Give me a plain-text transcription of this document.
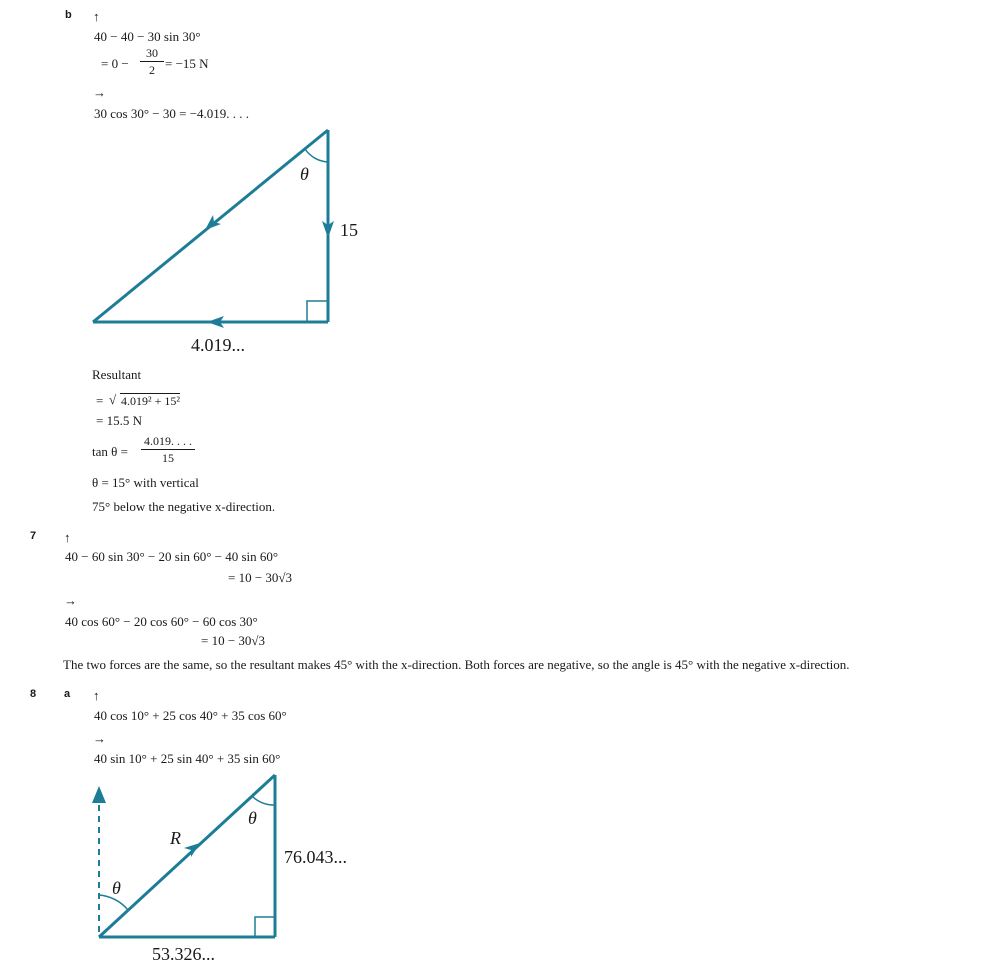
b ↑
40 − 40 − 30 sin 30°
= $0 - \frac{30}{2} = -15$ N
→
30 cos 30° − 30 = −4.019. . . .
θ
15
4.019...
Resultant
= √ 4.019² + 15²
= 15.5 N
$\tan \theta = \frac{4.019. . . .}{15}$
θ = 15° with vertical
75° below the negative x-direction.
7 ↑
40 − 60 sin 30° − 20 sin 60° − 40 sin 60°
= 10 − 30√3
→
40 cos 60° − 20 cos 60° − 60 cos 30°
= 10 − 30√3
The two forces are the same, so the resultant makes 45° with the x-direction. Both forces are negative, so the angle is 45° with the negative x-direction.
8	a ↑
40 cos 10° + 25 cos 40° + 35 cos 60°
→
40 sin 10° + 25 sin 40° + 35 sin 60°
R
θ
θ
76.043...
53.326...
